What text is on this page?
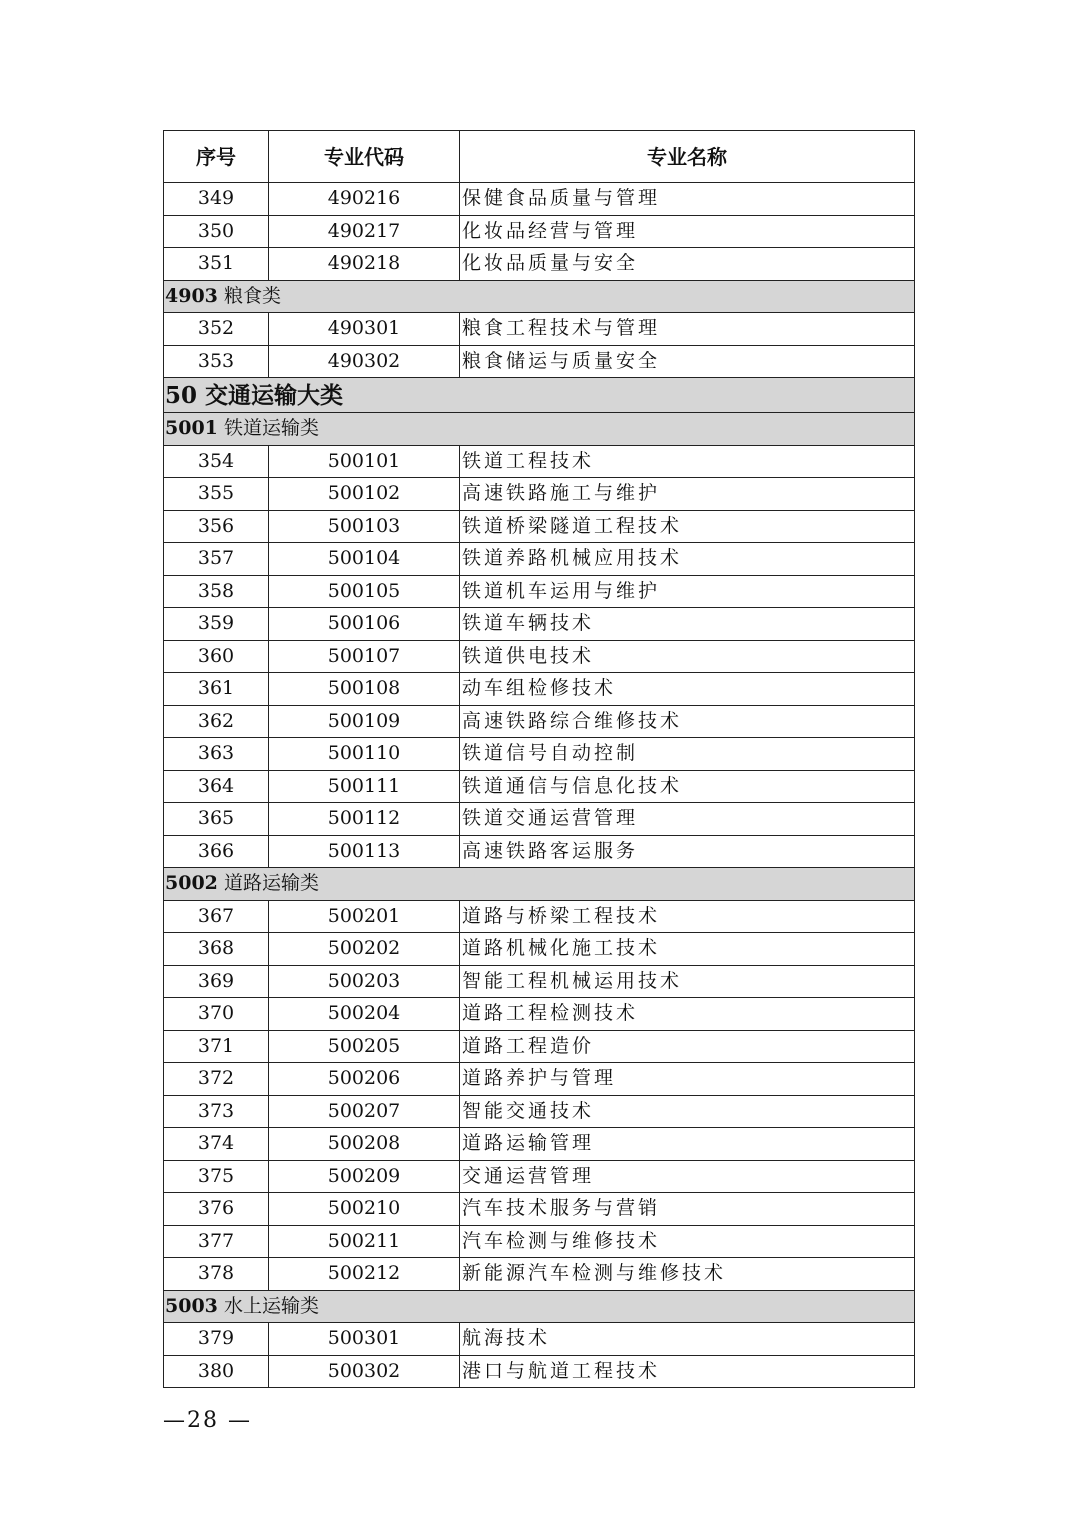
序号	专业代码	专业名称
349	490216	保健食品质量与管理
350	490217	化妆品经营与管理
351	490218	化妆品质量与安全
4903 粮食类		
352	490301	粮食工程技术与管理
353	490302	粮食储运与质量安全
50 交通运输大类		
5001 铁道运输类		
354	500101	铁道工程技术
355	500102	高速铁路施工与维护
356	500103	铁道桥梁隧道工程技术
357	500104	铁道养路机械应用技术
358	500105	铁道机车运用与维护
359	500106	铁道车辆技术
360	500107	铁道供电技术
361	500108	动车组检修技术
362	500109	高速铁路综合维修技术
363	500110	铁道信号自动控制
364	500111	铁道通信与信息化技术
365	500112	铁道交通运营管理
366	500113	高速铁路客运服务
5002 道路运输类		
367	500201	道路与桥梁工程技术
368	500202	道路机械化施工技术
369	500203	智能工程机械运用技术
370	500204	道路工程检测技术
371	500205	道路工程造价
372	500206	道路养护与管理
373	500207	智能交通技术
374	500208	道路运输管理
375	500209	交通运营管理
376	500210	汽车技术服务与营销
377	500211	汽车检测与维修技术
378	500212	新能源汽车检测与维修技术
5003 水上运输类		
379	500301	航海技术
380	500302	港口与航道工程技术
—28 —
